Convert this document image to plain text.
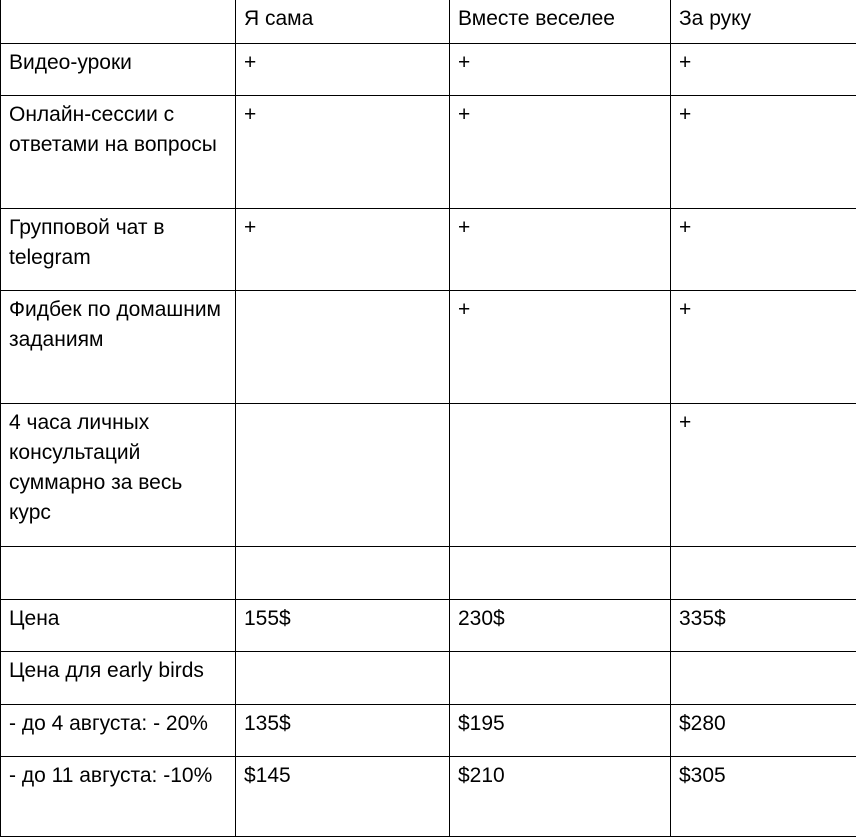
	Я сама	Вместе веселее	За руку
Видео-уроки	+	+	+
Онлайн-сессии с ответами на вопросы	+	+	+
Групповой чат в telegram	+	+	+
Фидбек по домашним заданиям		+	+
4 часа личных консультаций суммарно за весь курс			+

Цена	155$	230$	335$
Цена для early birds			
- до 4 августа: - 20%	135$	$195	$280
- до 11 августа: -10%	$145	$210	$305
